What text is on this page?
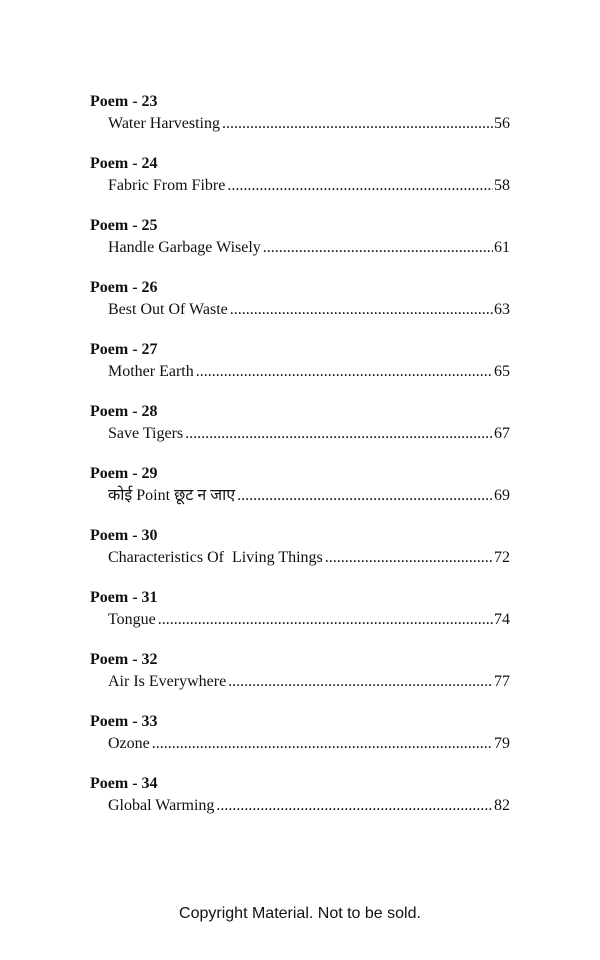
Poem - 23
Water Harvesting .....	56
Poem - 24
Fabric From Fibre .....	58
Poem - 25
Handle Garbage Wisely .....	61
Poem - 26
Best Out Of Waste .....	63
Poem - 27
Mother Earth .....	65
Poem - 28
Save Tigers .....	67
Poem - 29
कोई Point छूट न जाए .....	69
Poem - 30
Characteristics Of  Living Things .....	72
Poem - 31
Tongue .....	74
Poem - 32
Air Is Everywhere .....	77
Poem - 33
Ozone .....	79
Poem - 34
Global Warming .....	82
Copyright Material. Not to be sold.
